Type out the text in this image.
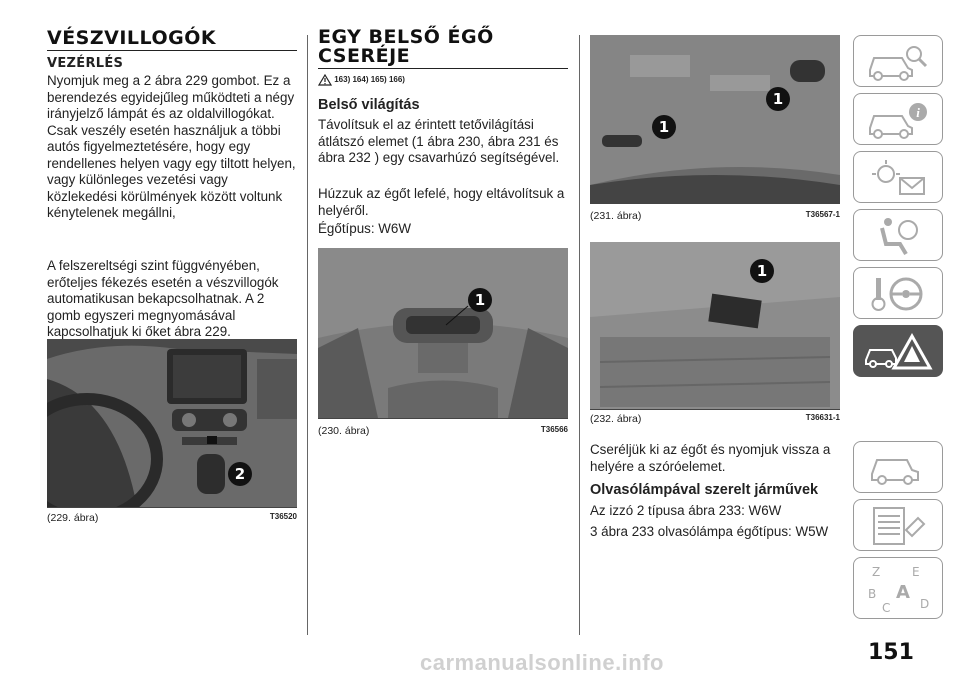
VÉSZVILLOGÓK
VEZÉRLÉS

Nyomjuk meg a 2 ábra 229 gombot. Ez a berendezés egyidejűleg működteti a négy irányjelző lámpát és az oldalvillogókat. Csak veszély esetén használjuk a többi autós figyelmeztetésére, hogy egy rendellenes helyen vagy egy tiltott helyen, vagy különleges vezetési vagy közlekedési körülmények között voltunk kénytelenek megállni,

A felszereltségi szint függvényében, erőteljes fékezés esetén a vészvillogók automatikusan bekapcsolhatnak. A 2 gomb egyszeri megnyomásával kapcsolhatjuk ki őket ábra 229.

2
(229. ábra)	T36520
EGY BELSŐ ÉGŐ CSERÉJE
163) 164) 165) 166)
Belső világítás

Távolítsuk el az érintett tetővilágítási átlátszó elemet (1 ábra 230, ábra 231 és ábra 232 ) egy csavarhúzó segítségével.

Húzzuk az égőt lefelé, hogy eltávolítsuk a helyéről.

Égőtípus: W6W

1
(230. ábra)	T36566
1
1
(231. ábra)	T36567-1
1
(232. ábra)	T36631-1

Cseréljük ki az égőt és nyomjuk vissza a helyére a szóróelemet.

Olvasólámpával szerelt járművek

Az izzó 2 típusa ábra 233: W6W

3 ábra 233 olvasólámpa égőtípus: W5W

i
Z	E
B A
C D
151
carmanualsonline.info
